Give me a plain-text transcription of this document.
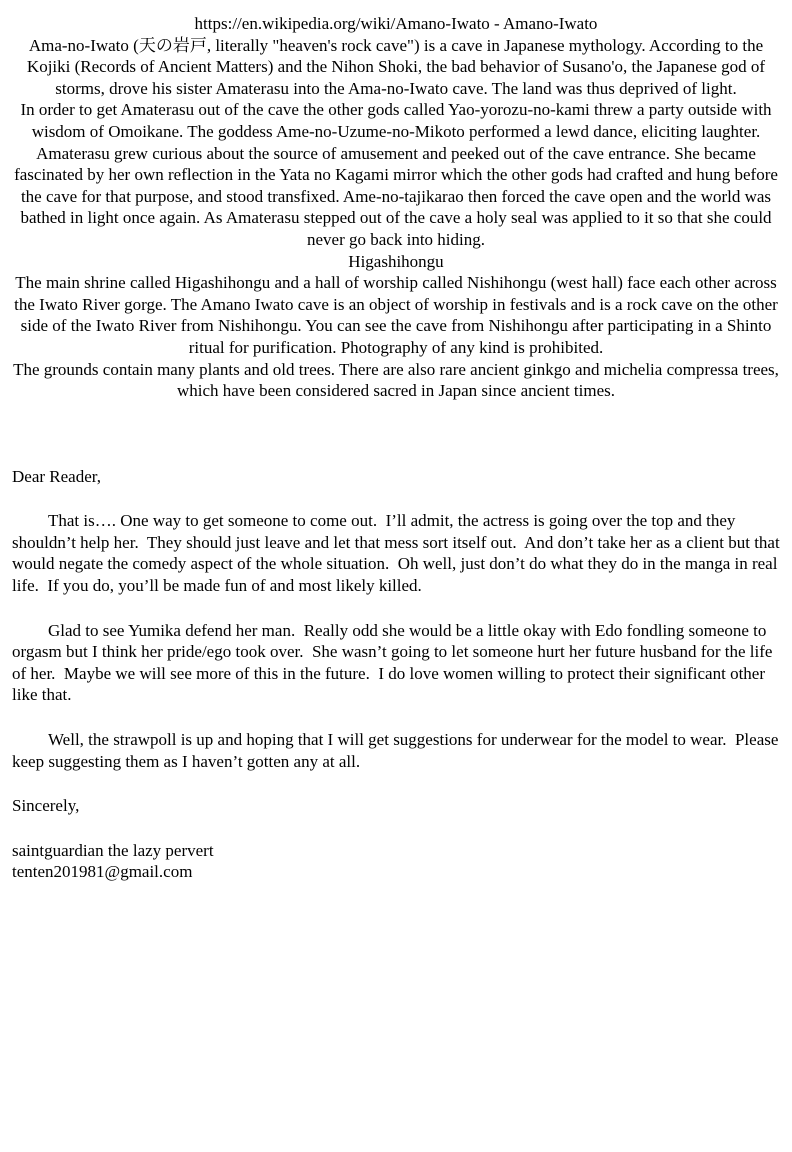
https://en.wikipedia.org/wiki/Amano-Iwato - Amano-Iwato

Ama-no-Iwato (天の岩戸, literally "heaven's rock cave") is a cave in Japanese mythology. According to the Kojiki (Records of Ancient Matters) and the Nihon Shoki, the bad behavior of Susano'o, the Japanese god of storms, drove his sister Amaterasu into the Ama-no-Iwato cave. The land was thus deprived of light.

In order to get Amaterasu out of the cave the other gods called Yao-yorozu-no-kami threw a party outside with wisdom of Omoikane. The goddess Ame-no-Uzume-no-Mikoto performed a lewd dance, eliciting laughter. Amaterasu grew curious about the source of amusement and peeked out of the cave entrance. She became fascinated by her own reflection in the Yata no Kagami mirror which the other gods had crafted and hung before the cave for that purpose, and stood transfixed. Ame-no-tajikarao then forced the cave open and the world was bathed in light once again. As Amaterasu stepped out of the cave a holy seal was applied to it so that she could never go back into hiding.

Higashihongu

The main shrine called Higashihongu and a hall of worship called Nishihongu (west hall) face each other across the Iwato River gorge. The Amano Iwato cave is an object of worship in festivals and is a rock cave on the other side of the Iwato River from Nishihongu. You can see the cave from Nishihongu after participating in a Shinto ritual for purification. Photography of any kind is prohibited.

The grounds contain many plants and old trees. There are also rare ancient ginkgo and michelia compressa trees, which have been considered sacred in Japan since ancient times.

Dear Reader,

That is…. One way to get someone to come out.  I’ll admit, the actress is going over the top and they shouldn’t help her.  They should just leave and let that mess sort itself out.  And don’t take her as a client but that would negate the comedy aspect of the whole situation.  Oh well, just don’t do what they do in the manga in real life.  If you do, you’ll be made fun of and most likely killed.

Glad to see Yumika defend her man.  Really odd she would be a little okay with Edo fondling someone to orgasm but I think her pride/ego took over.  She wasn’t going to let someone hurt her future husband for the life of her.  Maybe we will see more of this in the future.  I do love women willing to protect their significant other like that.

Well, the strawpoll is up and hoping that I will get suggestions for underwear for the model to wear.  Please keep suggesting them as I haven’t gotten any at all.

Sincerely,

saintguardian the lazy pervert

tenten201981@gmail.com
